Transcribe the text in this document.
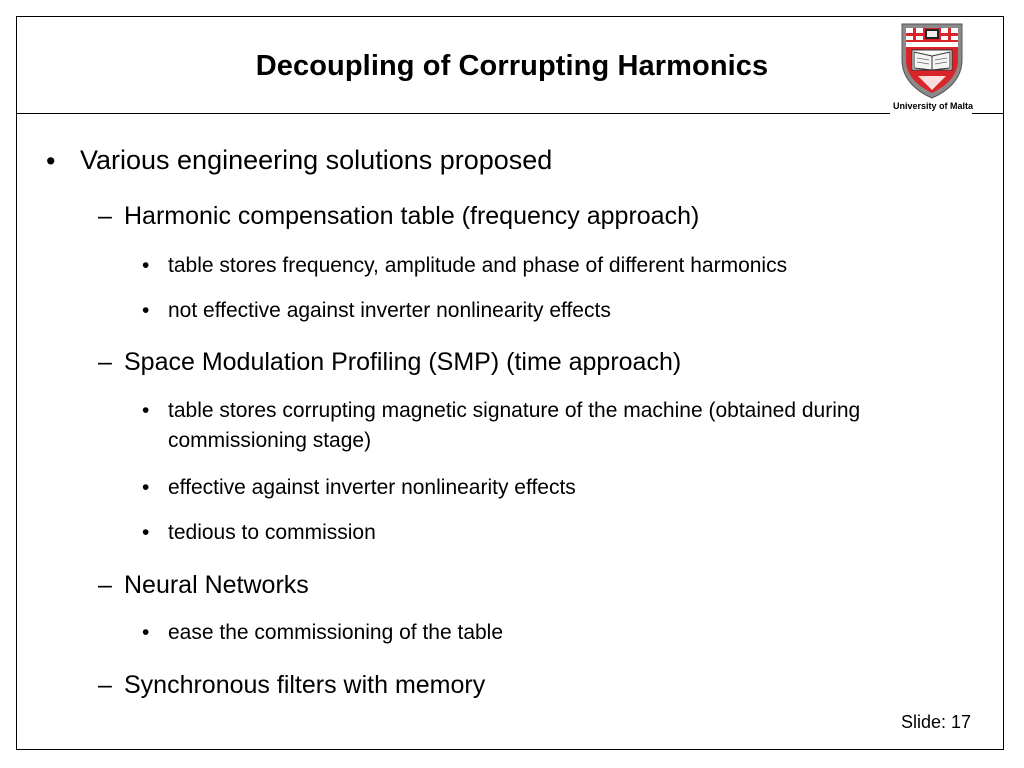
Decoupling of Corrupting Harmonics
University of Malta
• Various engineering solutions proposed
– Harmonic compensation table (frequency approach)
• table stores frequency, amplitude and phase of different harmonics
• not effective against inverter nonlinearity effects
– Space Modulation Profiling (SMP) (time approach)
• table stores corrupting magnetic signature of the machine (obtained during commissioning stage)
• effective against inverter nonlinearity effects
• tedious to commission
– Neural Networks
• ease the commissioning of the table
– Synchronous filters with memory
Slide: 17
